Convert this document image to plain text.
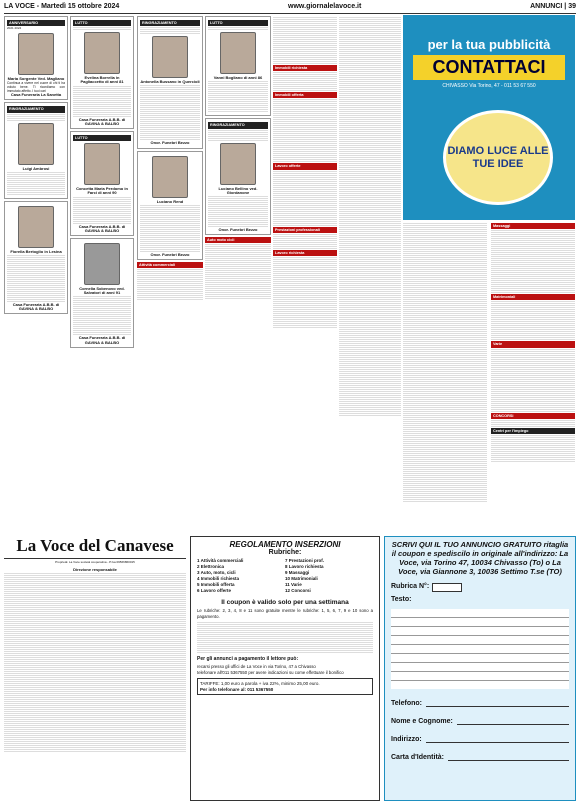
LA VOCE - Martedì 15 ottobre 2024	www.giornalelavoce.it	ANNUNCI | 39
ANNIVERSARIO
2021 2024
Maria Sorgente Ved. Magliano
Continua a vivere nel cuore di chi ti ha voluto bene. Ti ricordiamo con immutato affetto. I tuoi cari
Casa Funeraria La Sanetta
RINGRAZIAMENTO
Luigi Ambrosi
Fiorella Bertoglio in Lesina
Casa Funeraria A.B.B. di GAVINA & BALBO
LUTTO
Evelina Borrella in Pagliaccetto di anni 81
Casa Funeraria A.B.B. di GAVINA & BALBO
LUTTO
Concetta Maria Perdomo in Farci di anni 90
Casa Funeraria A.B.B. di GAVINA & BALBO
Cornelia Sobenovo ved. Salvatori di anni 91
Casa Funeraria A.B.B. di GAVINA & BALBO
RINGRAZIAMENTO
Antonella Bussano in Quercioli
Onor. Funebri Bezzo
Luciano Rend
Onor. Funebri Bezzo
Attività commerciali
LUTTO
Vanni Bogliano di anni 86
RINGRAZIAMENTO
Luciano Bellino ved. Giordanone
Onor. Funebri Bezzo
Auto moto cicli
Immobili richiesta
Immobili offerta
Lavoro offerte
Prestazioni professionali
Lavoro richiesta
per la tua pubblicità
CONTATTACI
CHIVASSO Via Torino, 47 - 011 53 67 550
DIAMO LUCE ALLE TUE IDEE
Massaggi
Matrimoniali
Varie
CONCORSI
Centri per l'impiego
La Voce del Canavese
Proprietà: La Voce società cooperativa - P.Iva 09566860015
Direzione responsabile
REGOLAMENTO INSERZIONI
Rubriche:
1 Attività commerciali	7 Prestazioni prof.
2 Elettronica	8 Lavoro richiesta
3 Auto, moto, cicli	9 Massaggi
4 Immobili richiesta	10 Matrimoniali
5 Immobili offerta	11 Varie
6 Lavoro offerte	12 Concorsi
Il coupon è valido solo per una settimana
Le rubriche: 2, 3, 4, 8 e 11 sono gratuite mentre le rubriche: 1, 5, 6, 7, 9 e 10 sono a pagamento.
Per gli annunci a pagamento il lettore può:
recarsi presso gli uffici de La Voce in via Torino, 47 a Chivasso
telefonare all'011 5367550 per avere indicazioni su come effettuare il bonifico
TARIFFE: 1,00 euro a parola + iva 22%, minimo 25,00 euro.
Per info telefonare al: 011 5367550
SCRIVI QUI IL TUO ANNUNCIO GRATUITO ritaglia il coupon e spediscilo in originale all'indirizzo: La Voce, via Torino 47, 10034 Chivasso (To) o La Voce, via Giannone 3, 10036 Settimo T.se (TO)
Rubrica N°:
Testo:
Telefono:
Nome e Cognome:
Indirizzo:
Carta d'Identità:
